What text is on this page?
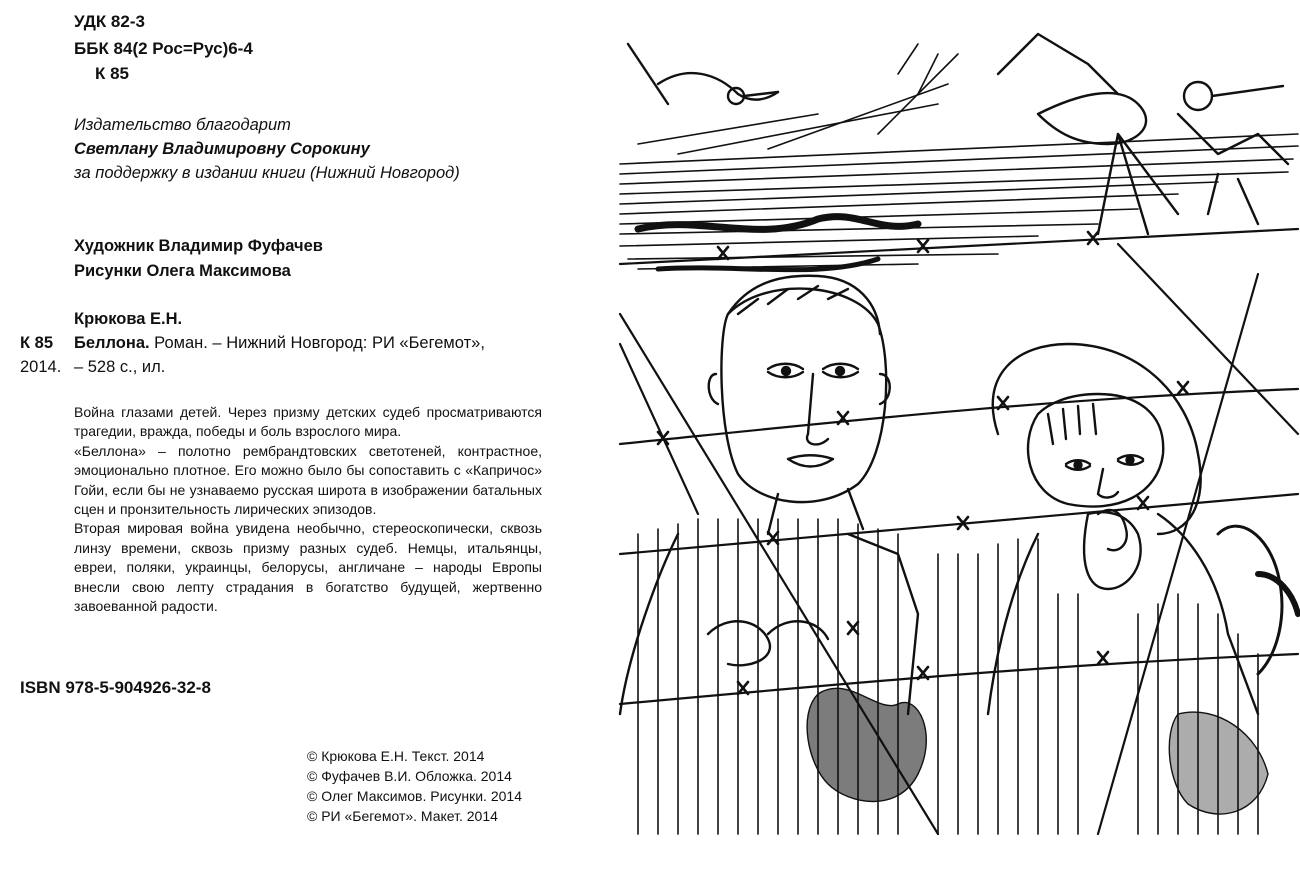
УДК 82-3
ББК 84(2 Рос=Рус)6-4
К 85
Издательство благодарит
Светлану Владимировну Сорокину
за поддержку в издании книги (Нижний Новгород)
Художник Владимир Фуфачев
Рисунки Олега Максимова
Крюкова Е.Н.
К 85 Беллона. Роман. – Нижний Новгород: РИ «Бегемот»,
2014. – 528 с., ил.

Война глазами детей. Через призму детских судеб просматриваются трагедии, вражда, победы и боль взрослого мира.

«Беллона» – полотно рембрандтовских светотеней, контрастное, эмоционально плотное. Его можно было бы сопоставить с «Капричос» Гойи, если бы не узнаваемо русская широта в изображении батальных сцен и пронзительность лирических эпизодов.

Вторая мировая война увидена необычно, стереоскопически, сквозь линзу времени, сквозь призму разных судеб. Немцы, итальянцы, евреи, поляки, украинцы, белорусы, англичане – народы Европы внесли свою лепту страдания в богатство будущей, жертвенно завоеванной радости.

ISBN 978-5-904926-32-8
© Крюкова Е.Н. Текст. 2014
© Фуфачев В.И. Обложка. 2014
© Олег Максимов. Рисунки. 2014
© РИ «Бегемот». Макет. 2014
